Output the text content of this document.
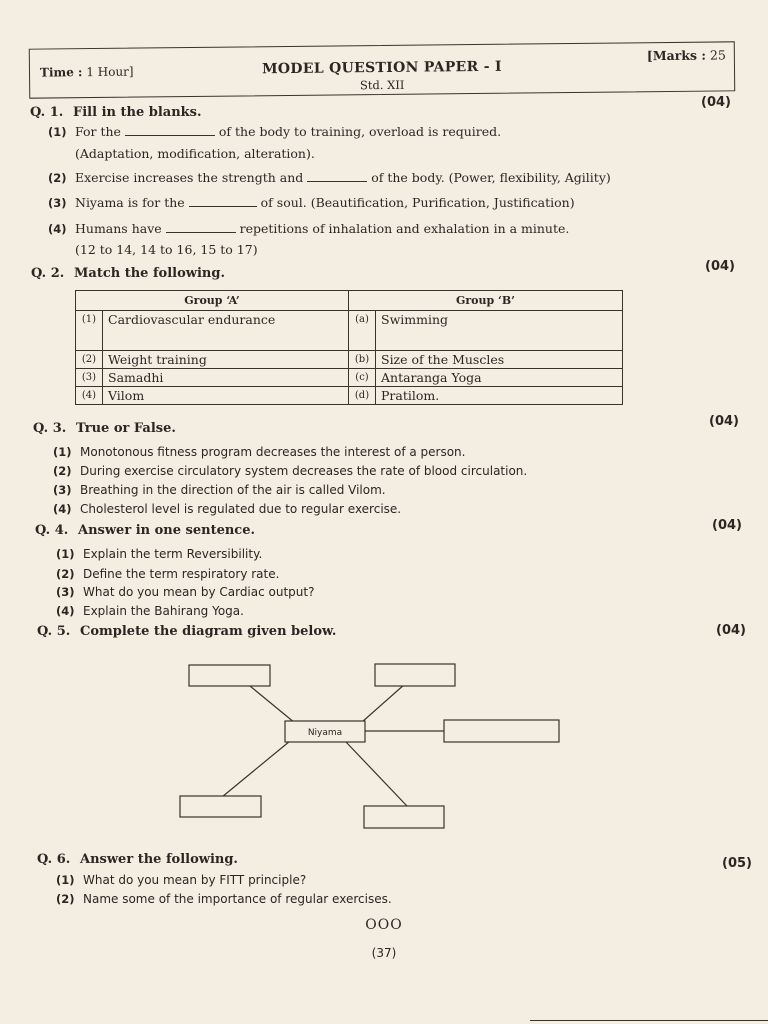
Time : 1 Hour]	MODEL QUESTION PAPER - I
Std. XII
[Marks : 25
Q. 1. Fill in the blanks.
(04)
(1) For the	of the body to training, overload is required.
(Adaptation, modification, alteration).
(2) Exercise increases the strength and	of the body. (Power, flexibility, Agility)
(3) Niyama is for the	of soul. (Beautification, Purification, Justification)
(4) Humans have	repetitions of inhalation and exhalation in a minute.
(12 to 14, 14 to 16, 15 to 17)
Q. 2. Match the following.	(04)
Group ‘A’		Group ‘B’	
(1)	Cardiovascular endurance	(a)	Swimming
(2)	Weight training	(b)	Size of the Muscles
(3)	Samadhi	(c)	Antaranga Yoga
(4)	Vilom	(d)	Pratilom.
Q. 3. True or False.	(04)
(1) Monotonous fitness program decreases the interest of a person.
(2) During exercise circulatory system decreases the rate of blood circulation.
(3) Breathing in the direction of the air is called Vilom.
(4) Cholesterol level is regulated due to regular exercise.
Q. 4. Answer in one sentence.	(04)
(1) Explain the term Reversibility.
(2) Define the term respiratory rate.
(3) What do you mean by Cardiac output?
(4) Explain the Bahirang Yoga.
Q. 5. Complete the diagram given below.	(04)
Niyama
Q. 6. Answer the following.	(05)
(1) What do you mean by FITT principle?
(2) Name some of the importance of regular exercises.
OOO
(37)
